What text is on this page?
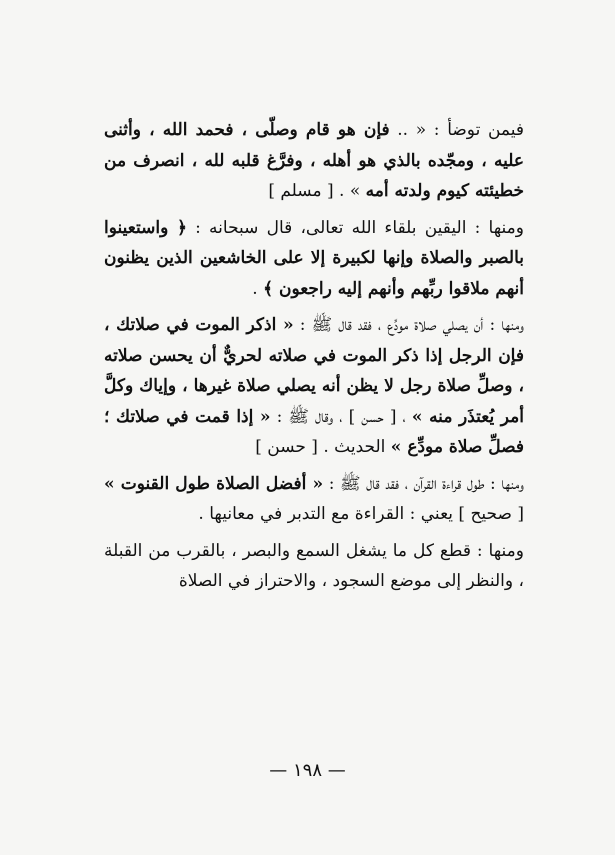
فيمن توضأ : « .. فإن هو قام وصلّى ، فحمد الله ، وأثنى عليه ، ومجّده بالذي هو أهله ، وفرَّغ قلبه لله ، انصرف من خطيئته كيوم ولدته أمه » . [ مسلم ]

ومنها : اليقين بلقاء الله تعالى، قال سبحانه : ﴿ واستعينوا بالصبر والصلاة وإنها لكبيرة إلا على الخاشعين الذين يظنون أنهم ملاقوا ربِّهم وأنهم إليه راجعون ﴾ .

ومنها : أن يصلي صلاة مودِّع ، فقد قال ﷺ : « اذكر الموت في صلاتك ، فإن الرجل إذا ذكر الموت في صلاته لحريٌّ أن يحسن صلاته ، وصلِّ صلاة رجل لا يظن أنه يصلي صلاة غيرها ، وإياك وكلَّ أمر يُعتذَر منه » ، [ حسن ] ، وقال ﷺ : « إذا قمت في صلاتك ؛ فصلِّ صلاة مودِّع » الحديث . [ حسن ]

ومنها : طول قراءة القرآن ، فقد قال ﷺ : « أفضل الصلاة طول القنوت » [ صحيح ] يعني : القراءة مع التدبر في معانيها .

ومنها : قطع كل ما يشغل السمع والبصر ، بالقرب من القبلة ، والنظر إلى موضع السجود ، والاحتراز في الصلاة

— ١٩٨ —
